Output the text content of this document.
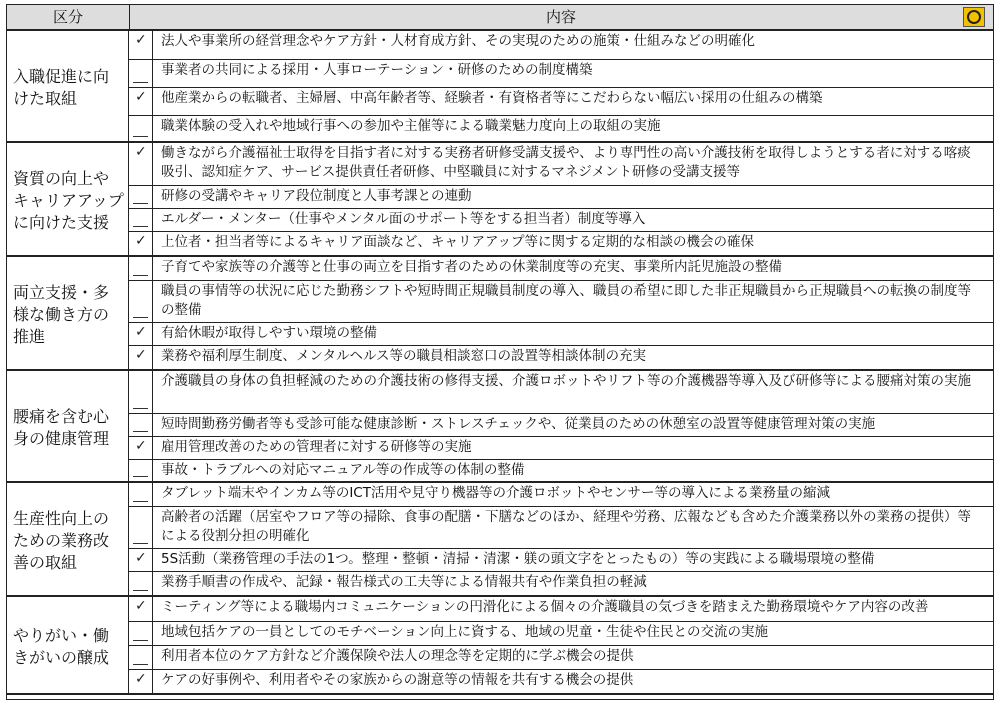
区分	内容
入職促進に向けた取組
✓
法人や事業所の経営理念やケア方針・人材育成方針、その実現のための施策・仕組みなどの明確化
事業者の共同による採用・人事ローテーション・研修のための制度構築
✓
他産業からの転職者、主婦層、中高年齢者等、経験者・有資格者等にこだわらない幅広い採用の仕組みの構築
職業体験の受入れや地域行事への参加や主催等による職業魅力度向上の取組の実施
資質の向上やキャリアアップに向けた支援
✓
働きながら介護福祉士取得を目指す者に対する実務者研修受講支援や、より専門性の高い介護技術を取得しようとする者に対する喀痰吸引、認知症ケア、サービス提供責任者研修、中堅職員に対するマネジメント研修の受講支援等
研修の受講やキャリア段位制度と人事考課との連動
エルダー・メンター（仕事やメンタル面のサポート等をする担当者）制度等導入
✓
上位者・担当者等によるキャリア面談など、キャリアアップ等に関する定期的な相談の機会の確保
両立支援・多様な働き方の推進
子育てや家族等の介護等と仕事の両立を目指す者のための休業制度等の充実、事業所内託児施設の整備
職員の事情等の状況に応じた勤務シフトや短時間正規職員制度の導入、職員の希望に即した非正規職員から正規職員への転換の制度等の整備
✓
有給休暇が取得しやすい環境の整備
✓
業務や福利厚生制度、メンタルヘルス等の職員相談窓口の設置等相談体制の充実
腰痛を含む心身の健康管理
介護職員の身体の負担軽減のための介護技術の修得支援、介護ロボットやリフト等の介護機器等導入及び研修等による腰痛対策の実施
短時間勤務労働者等も受診可能な健康診断・ストレスチェックや、従業員のための休憩室の設置等健康管理対策の実施
✓
雇用管理改善のための管理者に対する研修等の実施
事故・トラブルへの対応マニュアル等の作成等の体制の整備
生産性向上のための業務改善の取組
タブレット端末やインカム等のICT活用や見守り機器等の介護ロボットやセンサー等の導入による業務量の縮減
高齢者の活躍（居室やフロア等の掃除、食事の配膳・下膳などのほか、経理や労務、広報なども含めた介護業務以外の業務の提供）等による役割分担の明確化
✓
5S活動（業務管理の手法の1つ。整理・整頓・清掃・清潔・躾の頭文字をとったもの）等の実践による職場環境の整備
業務手順書の作成や、記録・報告様式の工夫等による情報共有や作業負担の軽減
やりがい・働きがいの醸成
✓
ミーティング等による職場内コミュニケーションの円滑化による個々の介護職員の気づきを踏まえた勤務環境やケア内容の改善
地域包括ケアの一員としてのモチベーション向上に資する、地域の児童・生徒や住民との交流の実施
利用者本位のケア方針など介護保険や法人の理念等を定期的に学ぶ機会の提供
✓
ケアの好事例や、利用者やその家族からの謝意等の情報を共有する機会の提供
